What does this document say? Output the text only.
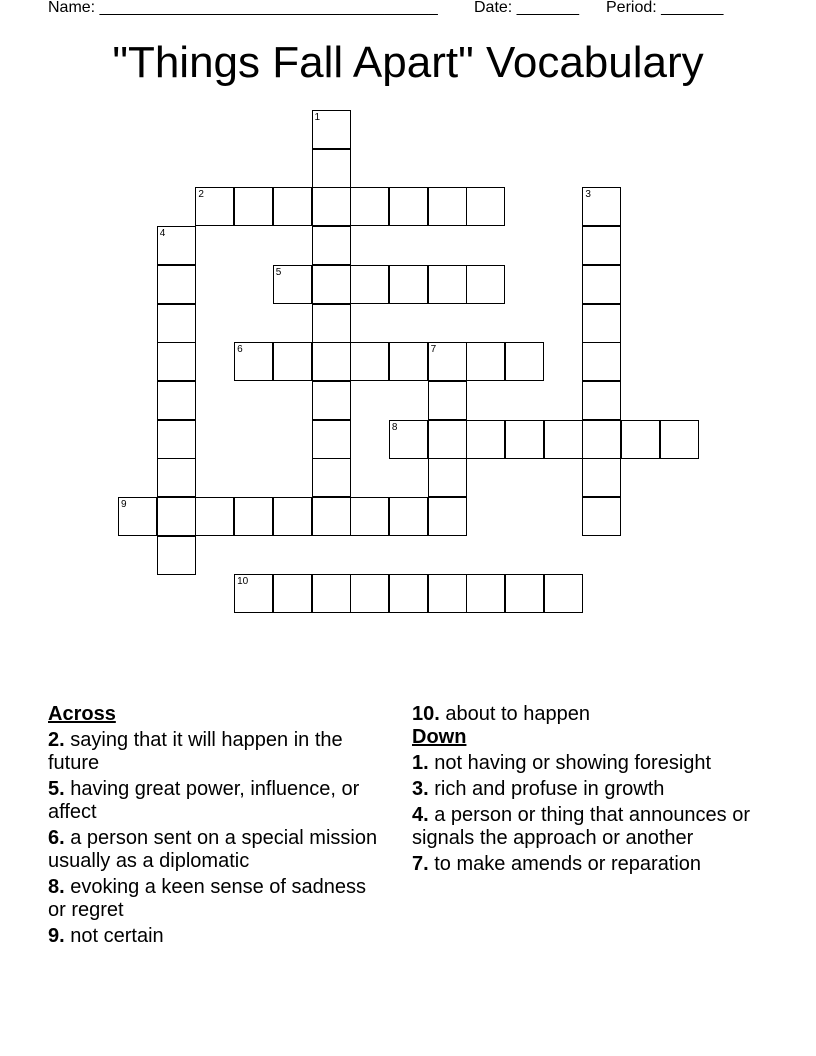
Name: ______________________________________ Date: _______ Period: _______
"Things Fall Apart" Vocabulary
1
2	3
4
5
6	7
8
9
10
Across
2. saying that it will happen in the future
5. having great power, influence, or affect
6. a person sent on a special mission usually as a diplomatic
8. evoking a keen sense of sadness or regret
9. not certain
10. about to happen
Down
1. not having or showing foresight
3. rich and profuse in growth
4. a person or thing that announces or signals the approach or another
7. to make amends or reparation
